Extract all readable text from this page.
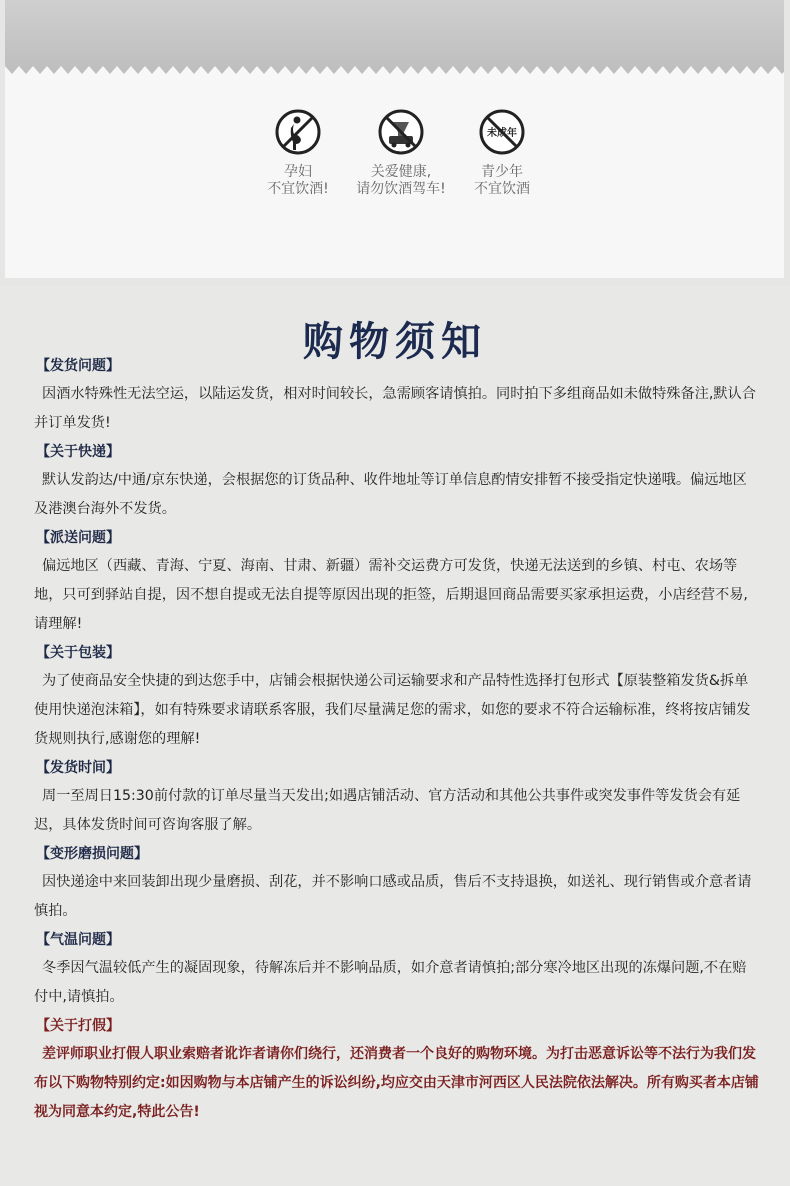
孕妇
不宜饮酒!
关爱健康,
请勿饮酒驾车!
未成年
青少年
不宜饮酒
购物须知
【发货问题】
因酒水特殊性无法空运，以陆运发货，相对时间较长，急需顾客请慎拍。同时拍下多组商品如未做特殊备注,默认合并订单发货!
【关于快递】
默认发韵达/中通/京东快递，会根据您的订货品种、收件地址等订单信息酌情安排暂不接受指定快递哦。偏远地区及港澳台海外不发货。
【派送问题】
偏远地区（西藏、青海、宁夏、海南、甘肃、新疆）需补交运费方可发货，快递无法送到的乡镇、村屯、农场等地，只可到驿站自提，因不想自提或无法自提等原因出现的拒签，后期退回商品需要买家承担运费，小店经营不易,请理解!
【关于包装】
为了使商品安全快捷的到达您手中，店铺会根据快递公司运输要求和产品特性选择打包形式【原装整箱发货&拆单使用快递泡沫箱】，如有特殊要求请联系客服，我们尽量满足您的需求，如您的要求不符合运输标准，终将按店铺发货规则执行,感谢您的理解!
【发货时间】
周一至周日15:30前付款的订单尽量当天发出;如遇店铺活动、官方活动和其他公共事件或突发事件等发货会有延迟，具体发货时间可咨询客服了解。
【变形磨损问题】
因快递途中来回装卸出现少量磨损、刮花，并不影响口感或品质，售后不支持退换，如送礼、现行销售或介意者请慎拍。
【气温问题】
冬季因气温较低产生的凝固现象，待解冻后并不影响品质，如介意者请慎拍;部分寒冷地区出现的冻爆问题,不在赔付中,请慎拍。
【关于打假】
差评师职业打假人职业索赔者讹诈者请你们绕行，还消费者一个良好的购物环境。为打击恶意诉讼等不法行为我们发布以下购物特别约定:如因购物与本店铺产生的诉讼纠纷,均应交由天津市河西区人民法院依法解决。所有购买者本店铺视为同意本约定,特此公告!
